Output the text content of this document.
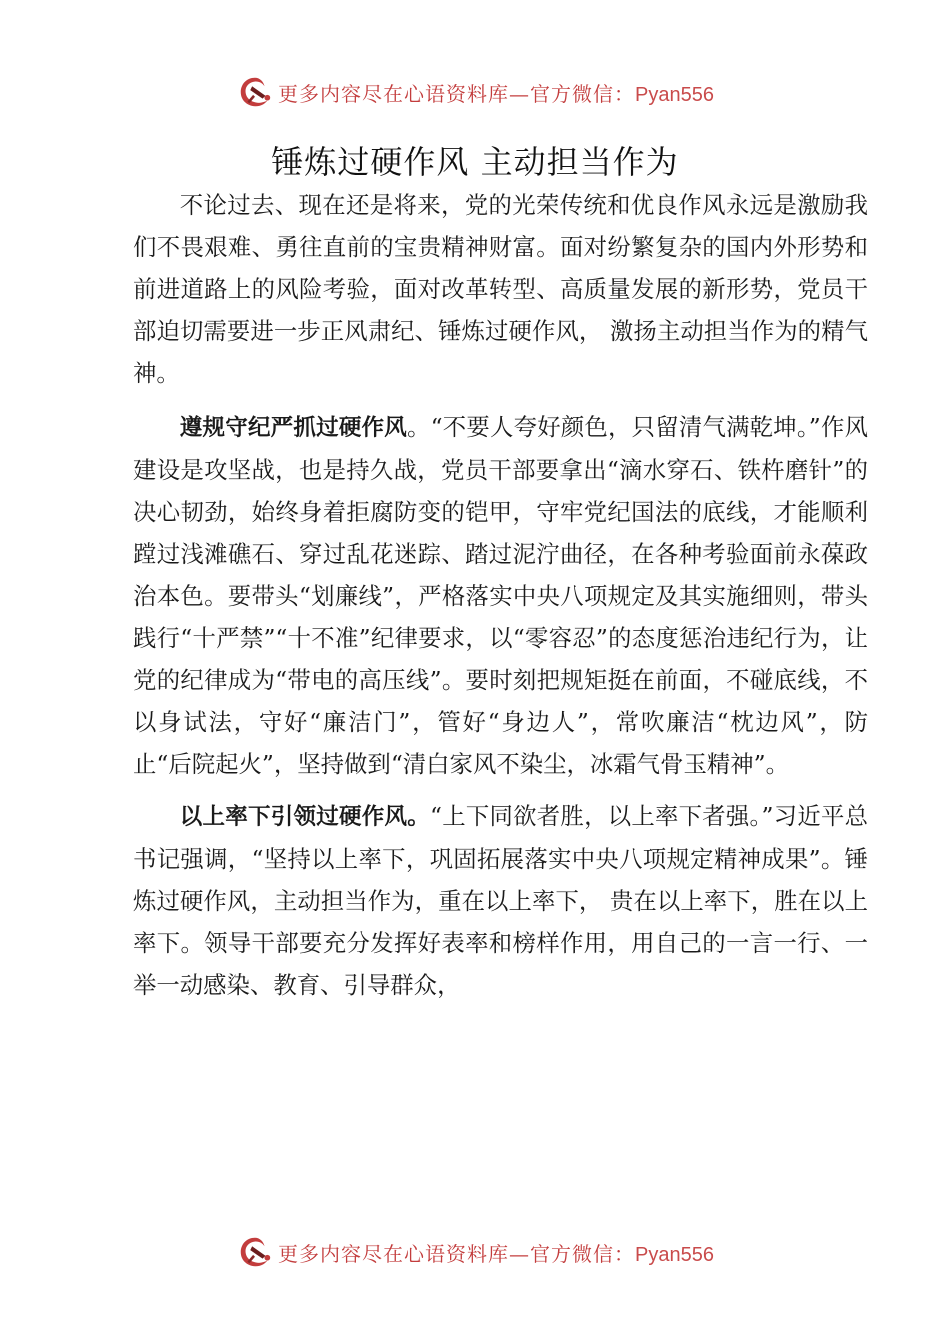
更多内容尽在心语资料库—官方微信：Pyan556
锤炼过硬作风 主动担当作为

不论过去、现在还是将来，党的光荣传统和优良作风永远是激励我们不畏艰难、勇往直前的宝贵精神财富。面对纷繁复杂的国内外形势和前进道路上的风险考验，面对改革转型、高质量发展的新形势，党员干部迫切需要进一步正风肃纪、锤炼过硬作风， 激扬主动担当作为的精气神。

遵规守纪严抓过硬作风。“不要人夸好颜色，只留清气满乾坤。”作风建设是攻坚战，也是持久战，党员干部要拿出“滴水穿石、铁杵磨针”的决心韧劲，始终身着拒腐防变的铠甲，守牢党纪国法的底线，才能顺利蹚过浅滩礁石、穿过乱花迷踪、踏过泥泞曲径，在各种考验面前永葆政治本色。要带头“划廉线”，严格落实中央八项规定及其实施细则，带头践行“十严禁”“十不准”纪律要求，以“零容忍”的态度惩治违纪行为，让党的纪律成为“带电的高压线”。要时刻把规矩挺在前面，不碰底线，不以身试法，守好“廉洁门”，管好“身边人”，常吹廉洁“枕边风”，防止“后院起火”，坚持做到“清白家风不染尘，冰霜气骨玉精神”。

以上率下引领过硬作风。“上下同欲者胜，以上率下者强。”习近平总书记强调，“坚持以上率下，巩固拓展落实中央八项规定精神成果”。锤炼过硬作风，主动担当作为，重在以上率下， 贵在以上率下，胜在以上率下。领导干部要充分发挥好表率和榜样作用，用自己的一言一行、一举一动感染、教育、引导群众，

更多内容尽在心语资料库—官方微信：Pyan556
